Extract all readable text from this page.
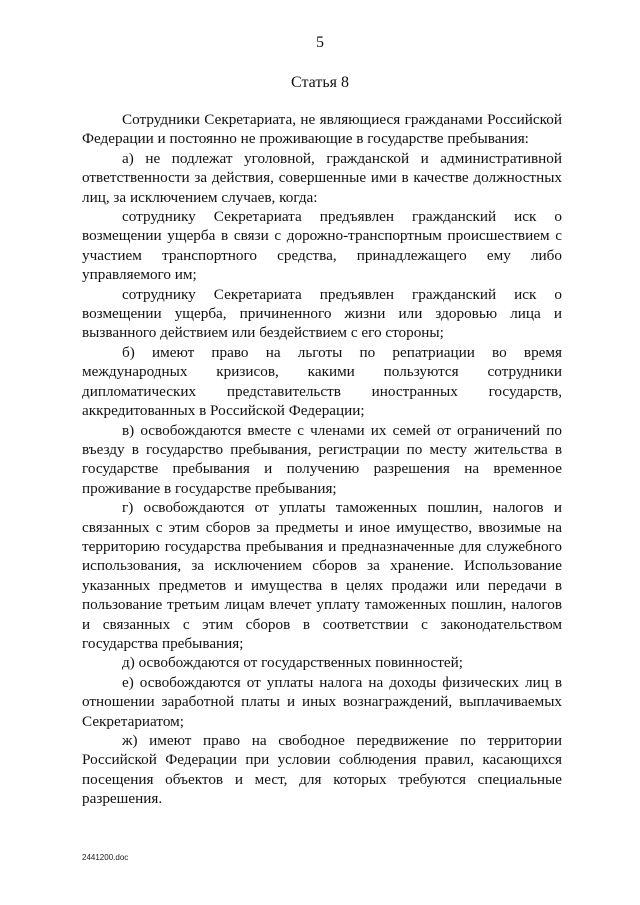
5
Статья 8

Сотрудники Секретариата, не являющиеся гражданами Российской Федерации и постоянно не проживающие в государстве пребывания:

а) не подлежат уголовной, гражданской и административной ответственности за действия, совершенные ими в качестве должностных лиц, за исключением случаев, когда:

сотруднику Секретариата предъявлен гражданский иск о возмещении ущерба в связи с дорожно-транспортным происшествием с участием транспортного средства, принадлежащего ему либо управляемого им;

сотруднику Секретариата предъявлен гражданский иск о возмещении ущерба, причиненного жизни или здоровью лица и вызванного действием или бездействием с его стороны;

б) имеют право на льготы по репатриации во время международных кризисов, какими пользуются сотрудники дипломатических представительств иностранных государств, аккредитованных в Российской Федерации;

в) освобождаются вместе с членами их семей от ограничений по въезду в государство пребывания, регистрации по месту жительства в государстве пребывания и получению разрешения на временное проживание в государстве пребывания;

г) освобождаются от уплаты таможенных пошлин, налогов и связанных с этим сборов за предметы и иное имущество, ввозимые на территорию государства пребывания и предназначенные для служебного использования, за исключением сборов за хранение. Использование указанных предметов и имущества в целях продажи или передачи в пользование третьим лицам влечет уплату таможенных пошлин, налогов и связанных с этим сборов в соответствии с законодательством государства пребывания;

д) освобождаются от государственных повинностей;

е) освобождаются от уплаты налога на доходы физических лиц в отношении заработной платы и иных вознаграждений, выплачиваемых Секретариатом;

ж) имеют право на свободное передвижение по территории Российской Федерации при условии соблюдения правил, касающихся посещения объектов и мест, для которых требуются специальные разрешения.

2441200.doc
